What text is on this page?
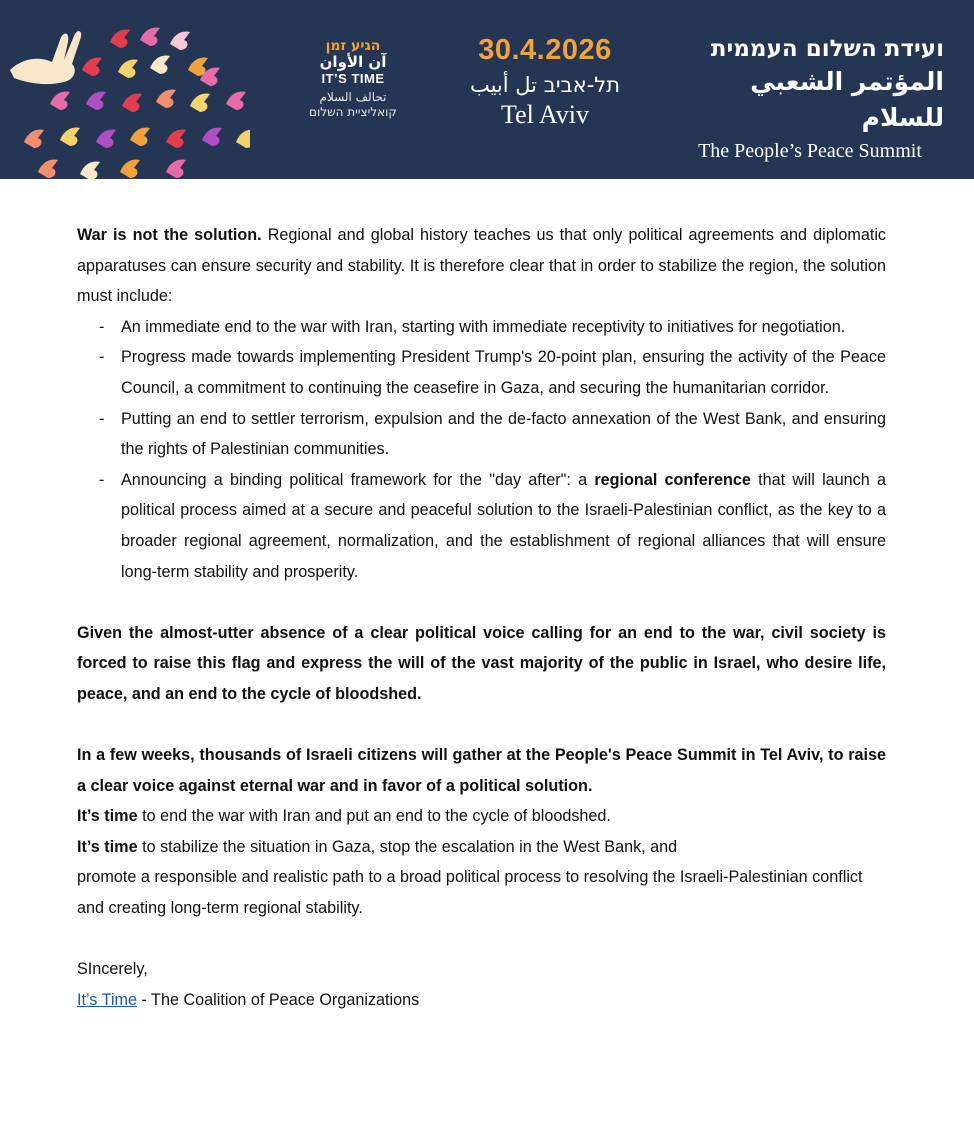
הגיע זמן
آن الأوان
IT’S TIME
تحالف السلام
קואליציית השלום
30.4.2026
תל-אביב تل أبيب
Tel Aviv
ועידת השלום העממית
المؤتمر الشعبي للسلام
The People’s Peace Summit

War is not the solution. Regional and global history teaches us that only political agreements and diplomatic apparatuses can ensure security and stability. It is therefore clear that in order to stabilize the region, the solution must include:

- An immediate end to the war with Iran, starting with immediate receptivity to initiatives for negotiation.
- Progress made towards implementing President Trump's 20-point plan, ensuring the activity of the Peace Council, a commitment to continuing the ceasefire in Gaza, and securing the humanitarian corridor.
- Putting an end to settler terrorism, expulsion and the de-facto annexation of the West Bank, and ensuring the rights of Palestinian communities.
- Announcing a binding political framework for the "day after": a regional conference that will launch a political process aimed at a secure and peaceful solution to the Israeli-Palestinian conflict, as the key to a broader regional agreement, normalization, and the establishment of regional alliances that will ensure long-term stability and prosperity.

Given the almost-utter absence of a clear political voice calling for an end to the war, civil society is forced to raise this flag and express the will of the vast majority of the public in Israel, who desire life, peace, and an end to the cycle of bloodshed.

In a few weeks, thousands of Israeli citizens will gather at the People's Peace Summit in Tel Aviv, to raise a clear voice against eternal war and in favor of a political solution.

It’s time to end the war with Iran and put an end to the cycle of bloodshed.

It’s time to stabilize the situation in Gaza, stop the escalation in the West Bank, and

promote a responsible and realistic path to a broad political process to resolving the Israeli-Palestinian conflict and creating long-term regional stability.

SIncerely,

It’s Time - The Coalition of Peace Organizations
